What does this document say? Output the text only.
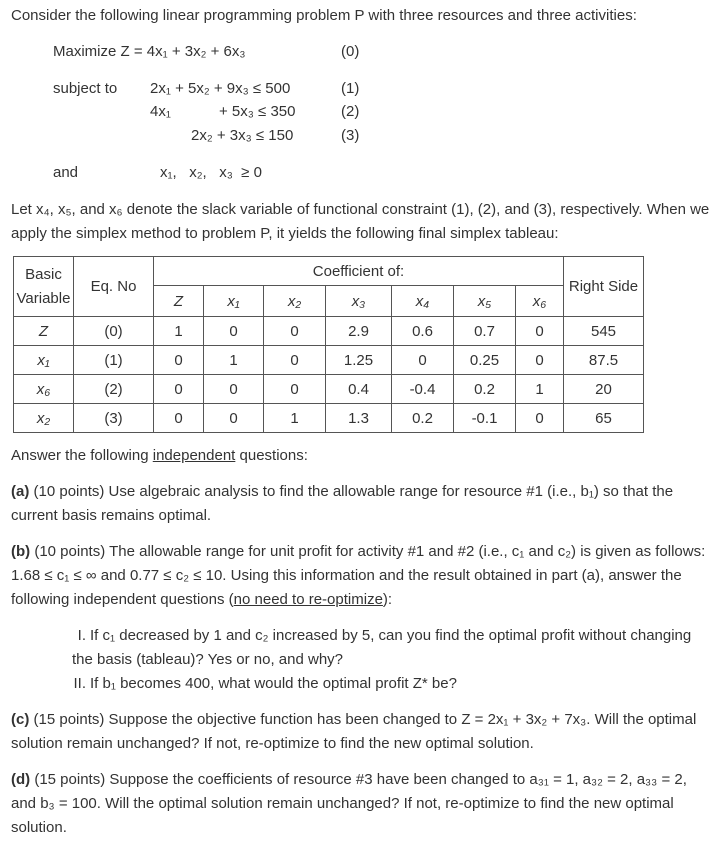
Consider the following linear programming problem P with three resources and three activities:
Maximize Z = 4x₁ + 3x₂ + 6x₃	(0)
subject to 2x₁ + 5x₂ + 9x₃ ≤ 500	(1)
4x₁	+ 5x₃ ≤ 350	(2)
2x₂ + 3x₃ ≤ 150	(3)
and	x₁,   x₂,   x₃  ≥ 0
Let x₄, x₅, and x₆ denote the slack variable of functional constraint (1), (2), and (3), respectively. When we apply the simplex method to problem P, it yields the following final simplex tableau:
Basic Variable	Eq. No	Coefficient of:							Right Side
		Z	x₁	x₂	x₃	x₄	x₅	x₆	
Z	(0)	1	0	0	2.9	0.6	0.7	0	545
x₁	(1)	0	1	0	1.25	0	0.25	0	87.5
x₆	(2)	0	0	0	0.4	-0.4	0.2	1	20
x₂	(3)	0	0	1	1.3	0.2	-0.1	0	65
Answer the following independent questions:
(a) (10 points) Use algebraic analysis to find the allowable range for resource #1 (i.e., b₁) so that the current basis remains optimal.
(b) (10 points) The allowable range for unit profit for activity #1 and #2 (i.e., c₁ and c₂) is given as follows: 1.68 ≤ c₁ ≤ ∞ and 0.77 ≤ c₂ ≤ 10. Using this information and the result obtained in part (a), answer the following independent questions (no need to re-optimize):
I. If c₁ decreased by 1 and c₂ increased by 5, can you find the optimal profit without changing the basis (tableau)? Yes or no, and why?
II. If b₁ becomes 400, what would the optimal profit Z* be?
(c) (15 points) Suppose the objective function has been changed to Z = 2x₁ + 3x₂ + 7x₃. Will the optimal solution remain unchanged? If not, re-optimize to find the new optimal solution.
(d) (15 points) Suppose the coefficients of resource #3 have been changed to a₃₁ = 1, a₃₂ = 2, a₃₃ = 2, and b₃ = 100. Will the optimal solution remain unchanged? If not, re-optimize to find the new optimal solution.
